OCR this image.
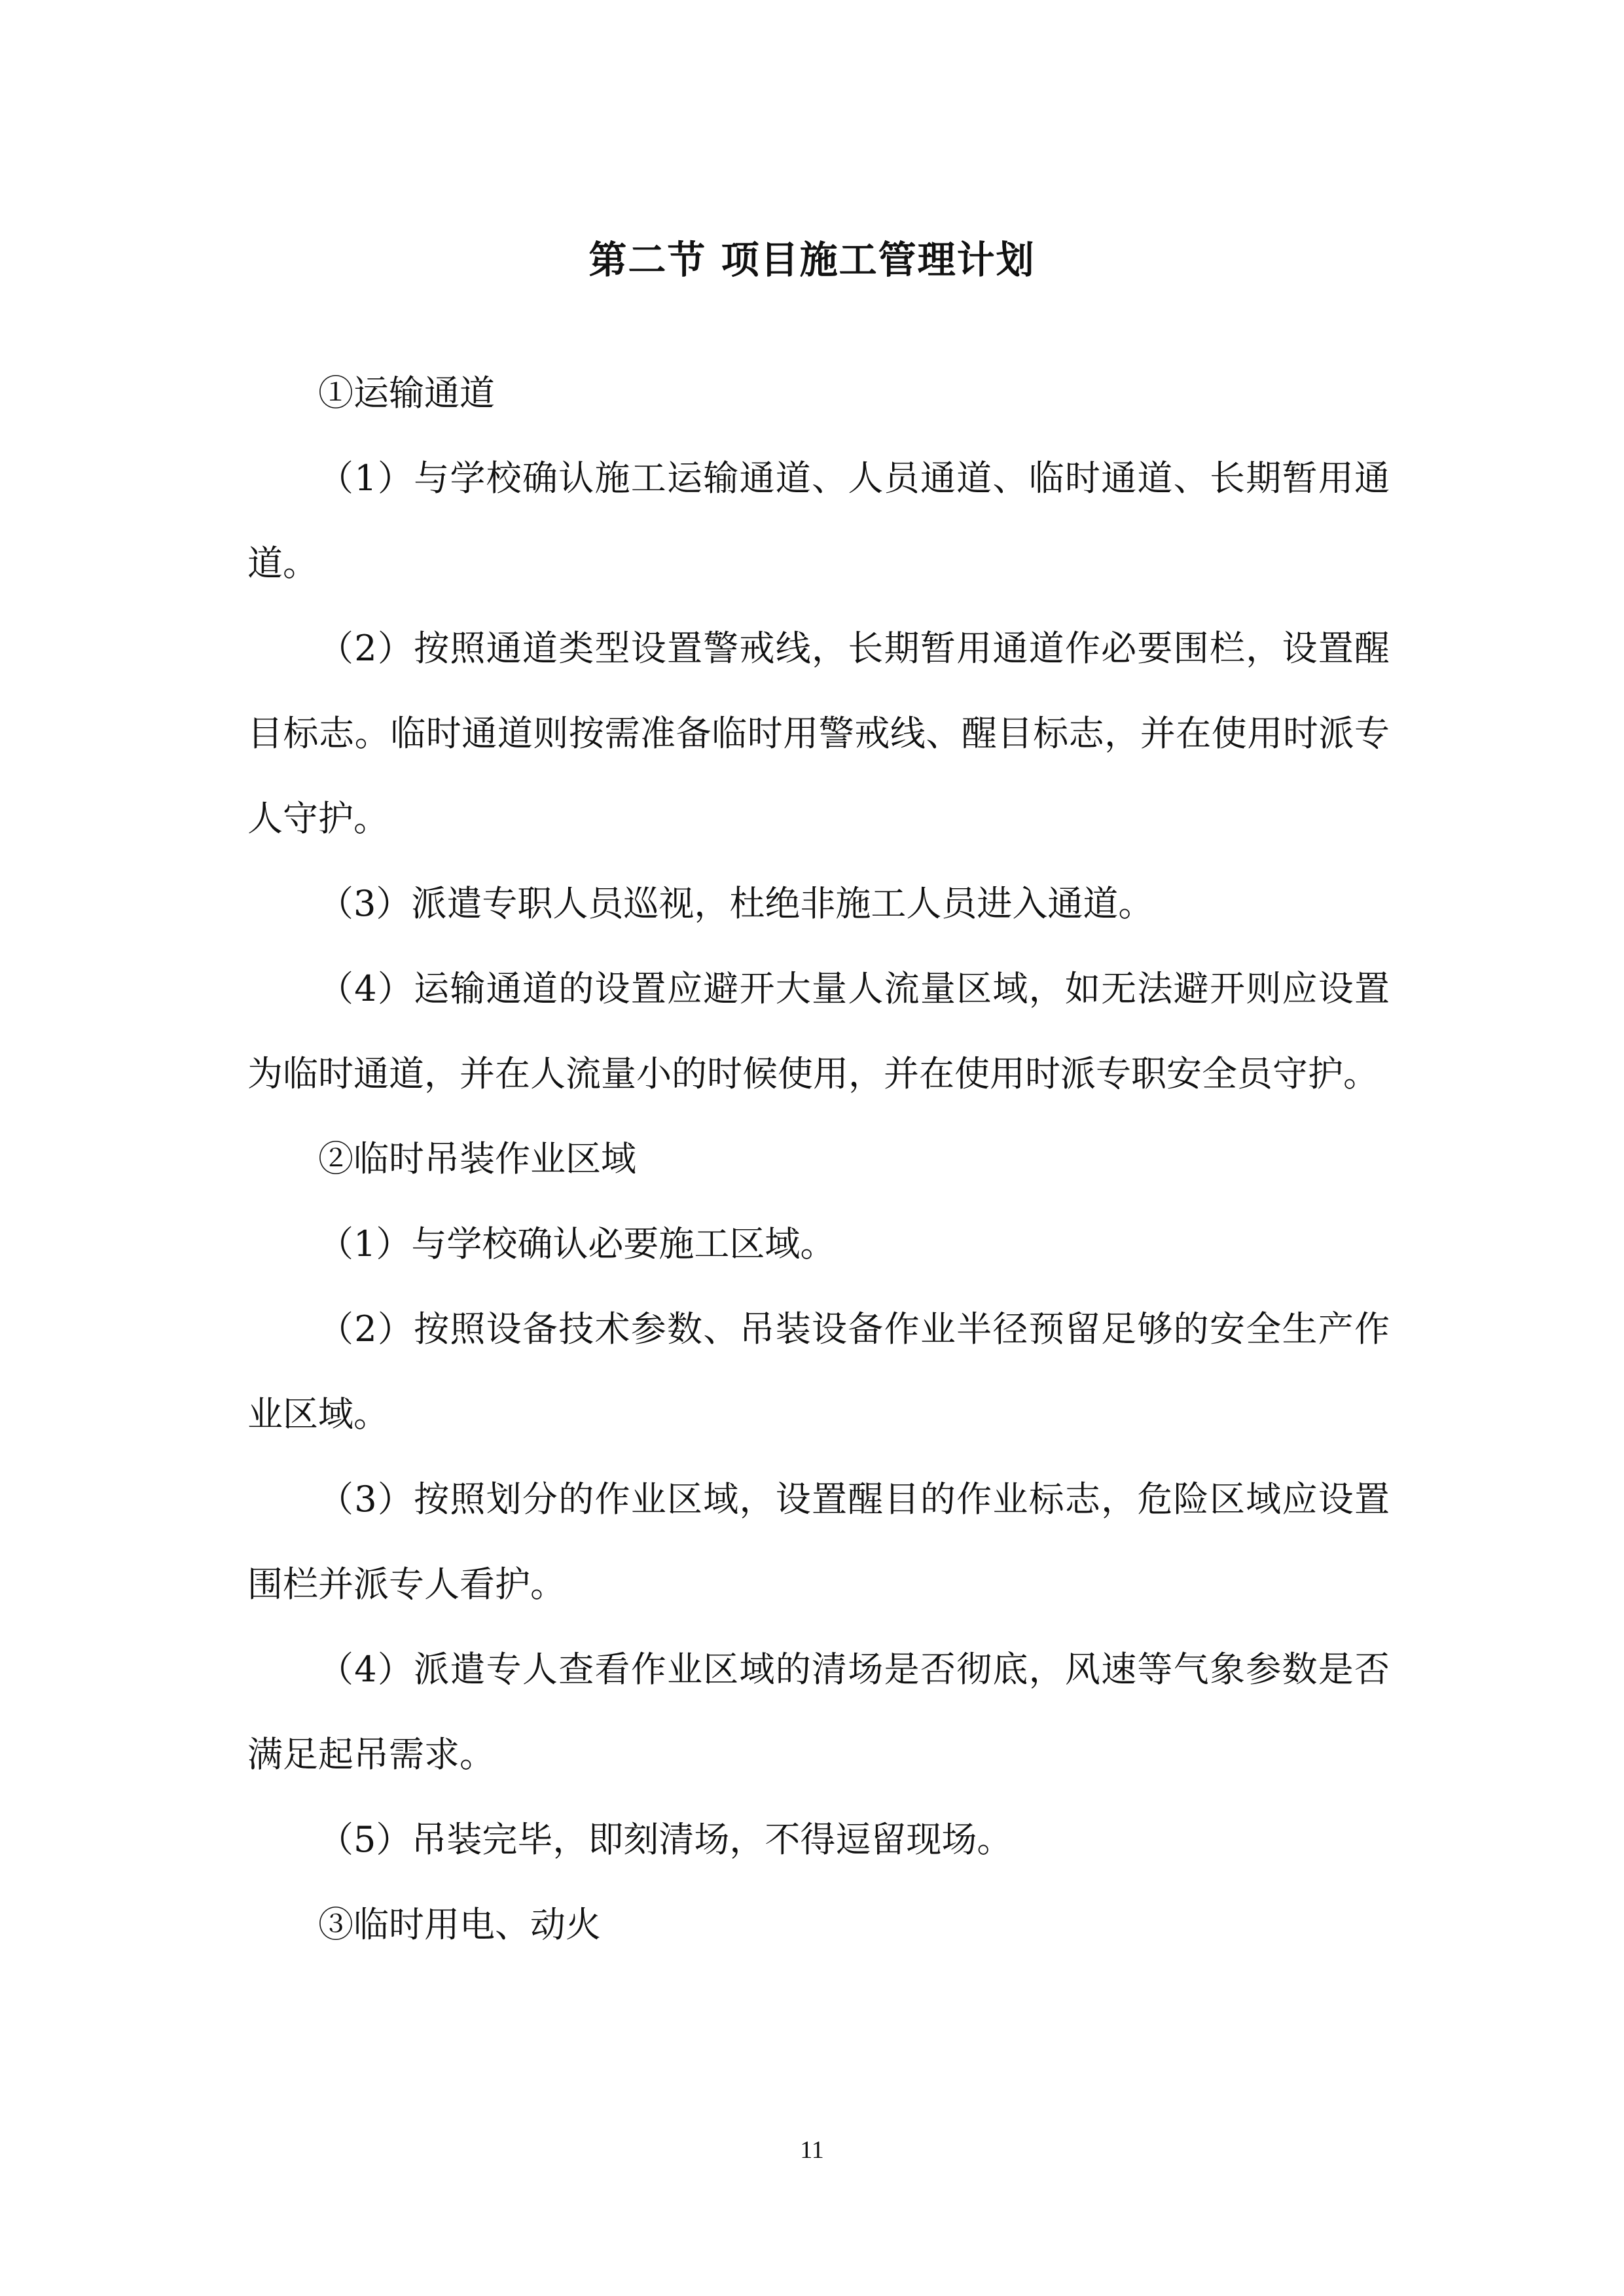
第二节 项目施工管理计划

①运输通道

（1）与学校确认施工运输通道、人员通道、临时通道、长期暂用通道。

（2）按照通道类型设置警戒线，长期暂用通道作必要围栏，设置醒目标志。临时通道则按需准备临时用警戒线、醒目标志，并在使用时派专人守护。

（3）派遣专职人员巡视，杜绝非施工人员进入通道。

（4）运输通道的设置应避开大量人流量区域，如无法避开则应设置为临时通道，并在人流量小的时候使用，并在使用时派专职安全员守护。

②临时吊装作业区域

（1）与学校确认必要施工区域。

（2）按照设备技术参数、吊装设备作业半径预留足够的安全生产作业区域。

（3）按照划分的作业区域，设置醒目的作业标志，危险区域应设置围栏并派专人看护。

（4）派遣专人查看作业区域的清场是否彻底，风速等气象参数是否满足起吊需求。

（5）吊装完毕，即刻清场，不得逗留现场。

③临时用电、动火

11
